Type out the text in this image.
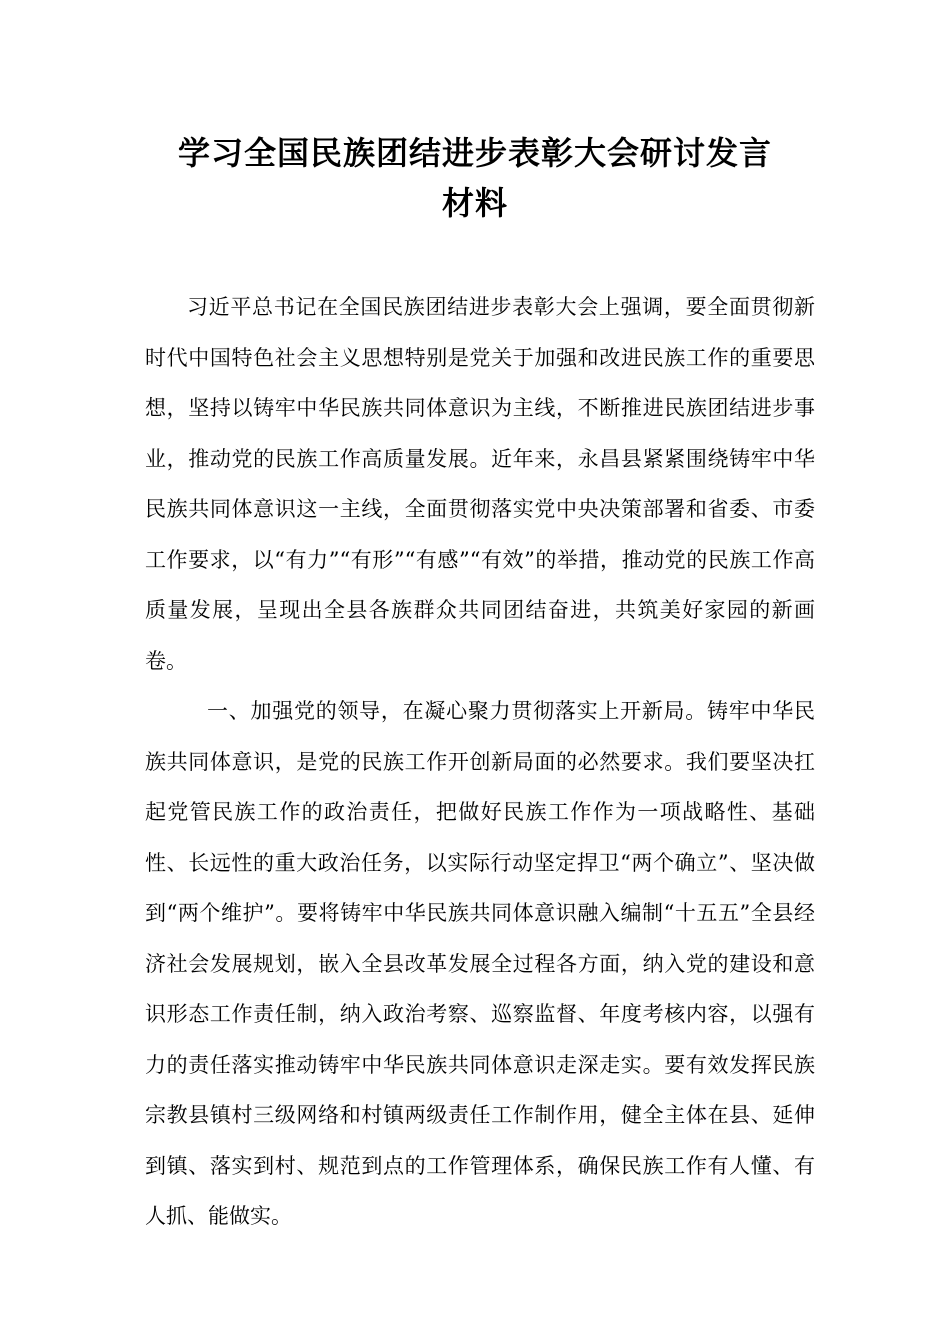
学习全国民族团结进步表彰大会研讨发言
材料

习近平总书记在全国民族团结进步表彰大会上强调，要全面贯彻新时代中国特色社会主义思想特别是党关于加强和改进民族工作的重要思想，坚持以铸牢中华民族共同体意识为主线，不断推进民族团结进步事业，推动党的民族工作高质量发展。近年来，永昌县紧紧围绕铸牢中华民族共同体意识这一主线，全面贯彻落实党中央决策部署和省委、市委工作要求，以“有力”“有形”“有感”“有效”的举措，推动党的民族工作高质量发展，呈现出全县各族群众共同团结奋进，共筑美好家园的新画卷。

一、加强党的领导，在凝心聚力贯彻落实上开新局。铸牢中华民族共同体意识，是党的民族工作开创新局面的必然要求。我们要坚决扛起党管民族工作的政治责任，把做好民族工作作为一项战略性、基础性、长远性的重大政治任务，以实际行动坚定捍卫“两个确立”、坚决做到“两个维护”。要将铸牢中华民族共同体意识融入编制“十五五”全县经济社会发展规划，嵌入全县改革发展全过程各方面，纳入党的建设和意识形态工作责任制，纳入政治考察、巡察监督、年度考核内容，以强有力的责任落实推动铸牢中华民族共同体意识走深走实。要有效发挥民族宗教县镇村三级网络和村镇两级责任工作制作用，健全主体在县、延伸到镇、落实到村、规范到点的工作管理体系，确保民族工作有人懂、有人抓、能做实。
